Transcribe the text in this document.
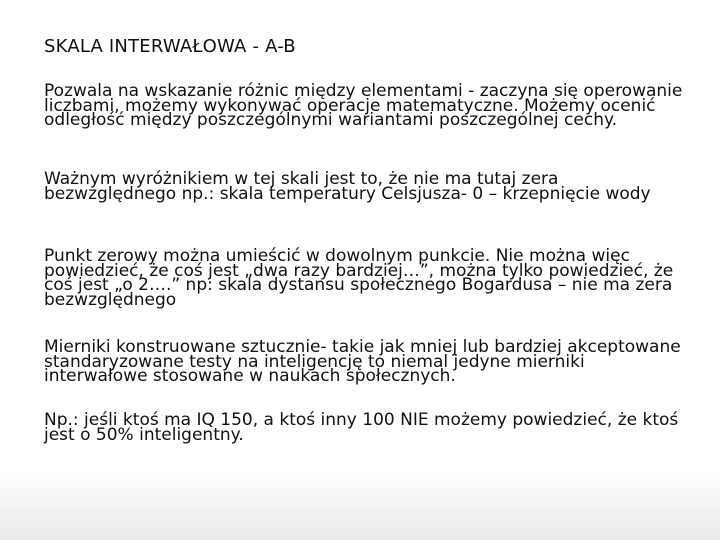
SKALA INTERWAŁOWA - A-B

Pozwala na wskazanie różnic między elementami - zaczyna się operowanie liczbami, możemy wykonywać operacje matematyczne. Możemy ocenić odległość między poszczególnymi wariantami poszczególnej cechy.

Ważnym wyróżnikiem w tej skali jest to, że nie ma tutaj zera bezwzględnego np.: skala temperatury Celsjusza- 0 – krzepnięcie wody

Punkt zerowy można umieścić w dowolnym punkcie. Nie można więc powiedzieć, że coś jest „dwa razy bardziej…”, można tylko powiedzieć, że coś jest „o 2….” np: skala dystansu społecznego Bogardusa – nie ma zera bezwzględnego

Mierniki konstruowane sztucznie- takie jak mniej lub bardziej akceptowane standaryzowane testy na inteligencję to niemal jedyne mierniki interwałowe stosowane w naukach społecznych.

Np.: jeśli ktoś ma IQ 150, a ktoś inny 100 NIE możemy powiedzieć, że ktoś jest o 50% inteligentny.
